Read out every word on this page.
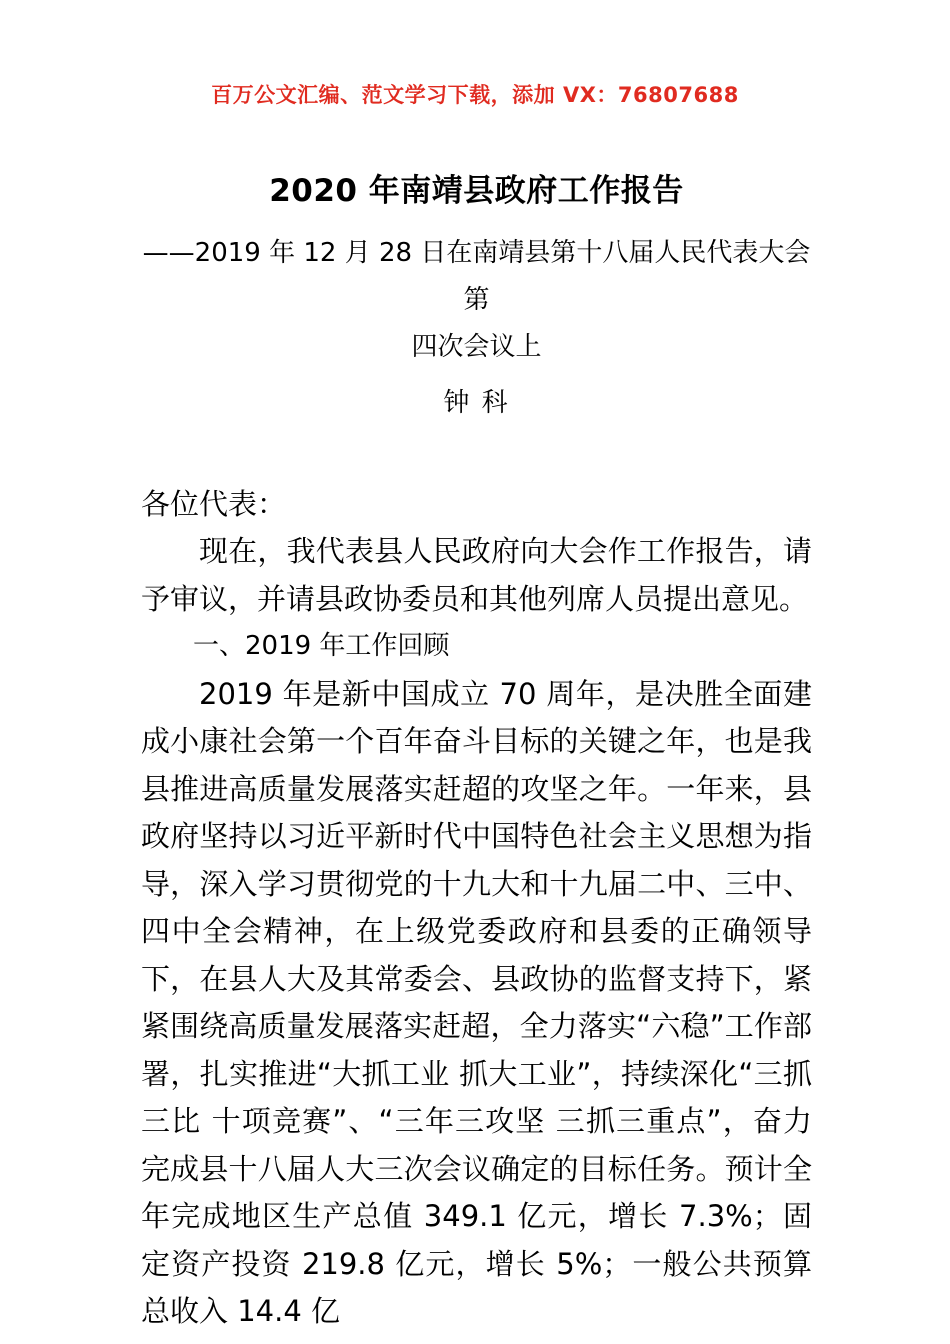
百万公文汇编、范文学习下载，添加 VX：76807688
2020 年南靖县政府工作报告
——2019 年 12 月 28 日在南靖县第十八届人民代表大会第
四次会议上
钟 科
各位代表：

现在，我代表县人民政府向大会作工作报告，请予审议，并请县政协委员和其他列席人员提出意见。

一、2019 年工作回顾

2019 年是新中国成立 70 周年，是决胜全面建成小康社会第一个百年奋斗目标的关键之年，也是我县推进高质量发展落实赶超的攻坚之年。一年来，县政府坚持以习近平新时代中国特色社会主义思想为指导，深入学习贯彻党的十九大和十九届二中、三中、四中全会精神，在上级党委政府和县委的正确领导下，在县人大及其常委会、县政协的监督支持下，紧紧围绕高质量发展落实赶超，全力落实“六稳”工作部署，扎实推进“大抓工业 抓大工业”，持续深化“三抓三比 十项竞赛”、“三年三攻坚 三抓三重点”，奋力完成县十八届人大三次会议确定的目标任务。预计全年完成地区生产总值 349.1 亿元，增长 7.3%；固定资产投资 219.8 亿元，增长 5%；一般公共预算总收入 14.4 亿
